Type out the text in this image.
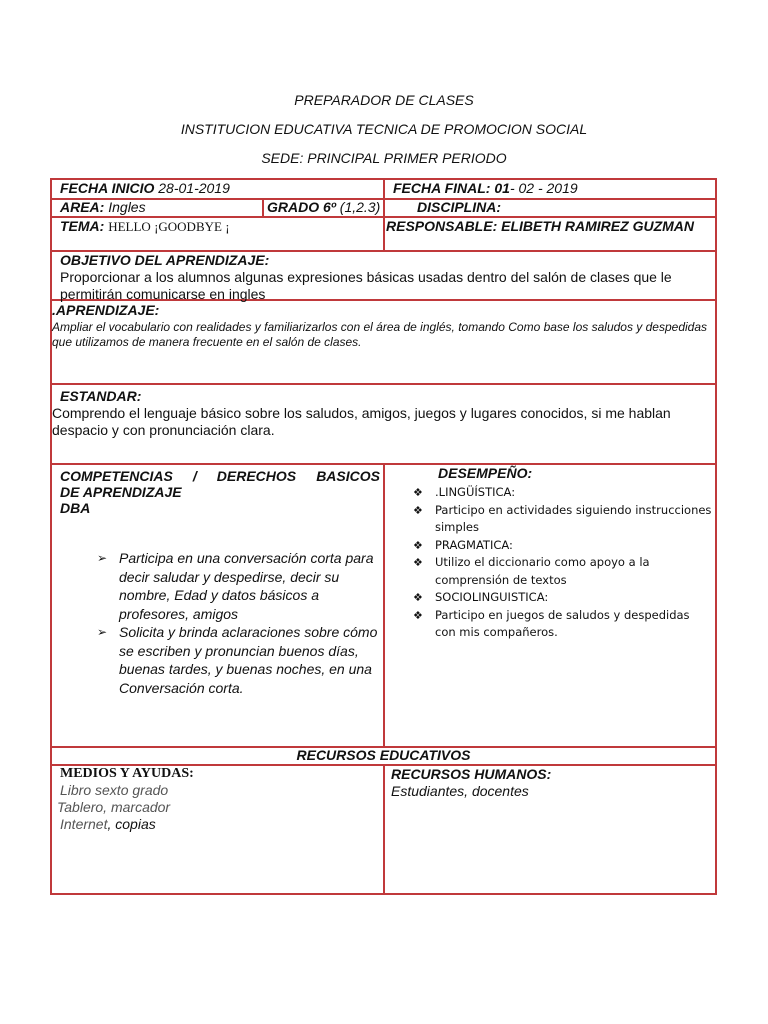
PREPARADOR DE CLASES
INSTITUCION EDUCATIVA TECNICA DE PROMOCION SOCIAL
SEDE: PRINCIPAL PRIMER PERIODO
FECHA INICIO 28-01-2019	FECHA FINAL: 01- 02 - 2019
AREA: Ingles	GRADO 6º (1,2.3)	DISCIPLINA:
TEMA: HELLO ¡GOODBYE ¡	RESPONSABLE: ELIBETH RAMIREZ GUZMAN
OBJETIVO DEL APRENDIZAJE:
Proporcionar a los alumnos algunas expresiones básicas usadas dentro del salón de clases que le permitirán comunicarse en ingles
.APRENDIZAJE:
Ampliar el vocabulario con realidades y familiarizarlos con el área de inglés, tomando Como base los saludos y despedidas que utilizamos de manera frecuente en el salón de clases.
ESTANDAR:
Comprendo el lenguaje básico sobre los saludos, amigos, juegos y lugares conocidos, si me hablan despacio y con pronunciación clara.
COMPETENCIAS / DERECHOS BASICOS
DE APRENDIZAJE
DBA
➢ Participa en una conversación corta para decir saludar y despedirse, decir su nombre, Edad y datos básicos a profesores, amigos
➢ Solicita y brinda aclaraciones sobre cómo se escriben y pronuncian buenos días, buenas tardes, y buenas noches, en una Conversación corta.
DESEMPEÑO:
❖ .LINGÜÍSTICA:
❖ Participo en actividades siguiendo instrucciones simples
❖ PRAGMATICA:
❖ Utilizo el diccionario como apoyo a la comprensión de textos
❖ SOCIOLINGUISTICA:
❖ Participo en juegos de saludos y despedidas con mis compañeros.
RECURSOS EDUCATIVOS
MEDIOS Y AYUDAS:
Libro sexto grado
Tablero, marcador
Internet, copias
RECURSOS HUMANOS:
Estudiantes, docentes
